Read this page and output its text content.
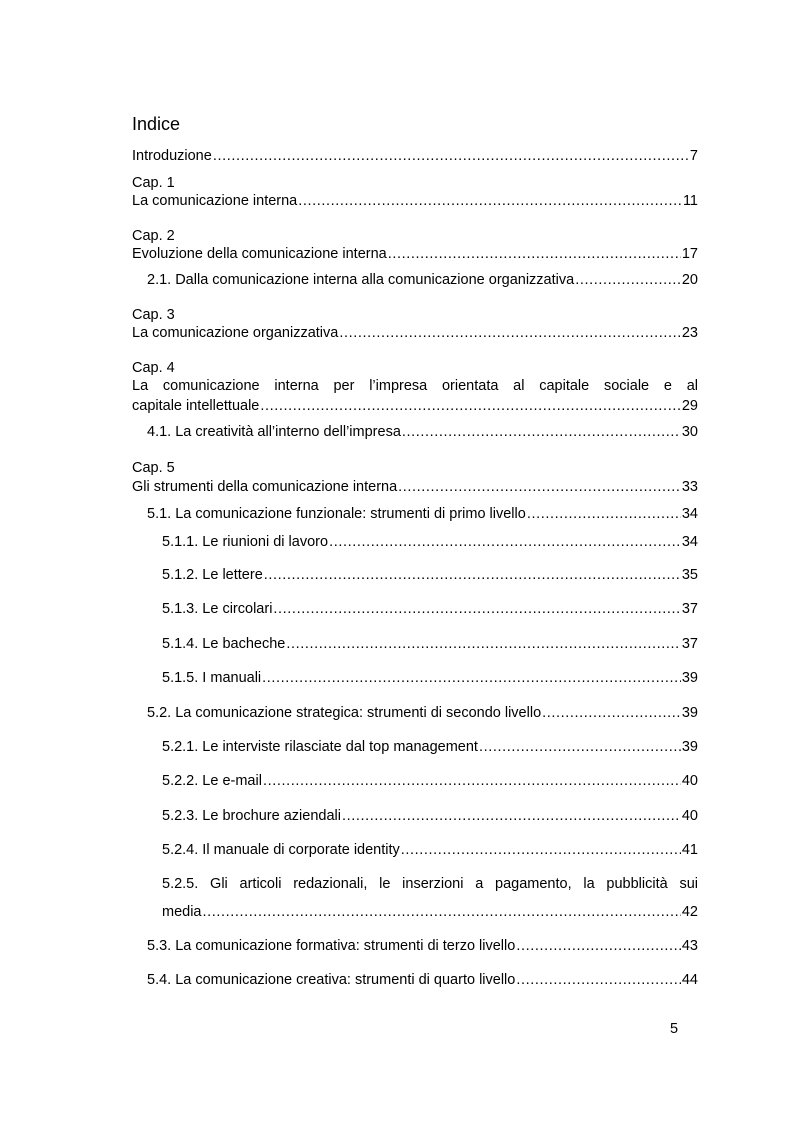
Indice
Introduzione .....	7
Cap. 1
La comunicazione interna .....	11
Cap. 2
Evoluzione della comunicazione interna .....	17
2.1. Dalla comunicazione interna alla comunicazione organizzativa .....	20
Cap. 3
La comunicazione organizzativa .....	23
Cap. 4
La comunicazione interna per l’impresa orientata al capitale sociale e al
capitale intellettuale .....	29
4.1. La creatività all’interno dell’impresa .....	30
Cap. 5
Gli strumenti della comunicazione interna .....	33
5.1. La comunicazione funzionale: strumenti di primo livello .....	34
5.1.1. Le riunioni di lavoro .....	34
5.1.2. Le lettere .....	35
5.1.3. Le circolari .....	37
5.1.4. Le bacheche .....	37
5.1.5. I manuali .....	39
5.2. La comunicazione strategica: strumenti di secondo livello .....	39
5.2.1. Le interviste rilasciate dal top management .....	39
5.2.2. Le e-mail .....	40
5.2.3. Le brochure aziendali .....	40
5.2.4. Il manuale di corporate identity .....	41
5.2.5. Gli articoli redazionali, le inserzioni a pagamento, la pubblicità sui
media .....	42
5.3. La comunicazione formativa: strumenti di terzo livello .....	43
5.4. La comunicazione creativa: strumenti di quarto livello .....	44
5
